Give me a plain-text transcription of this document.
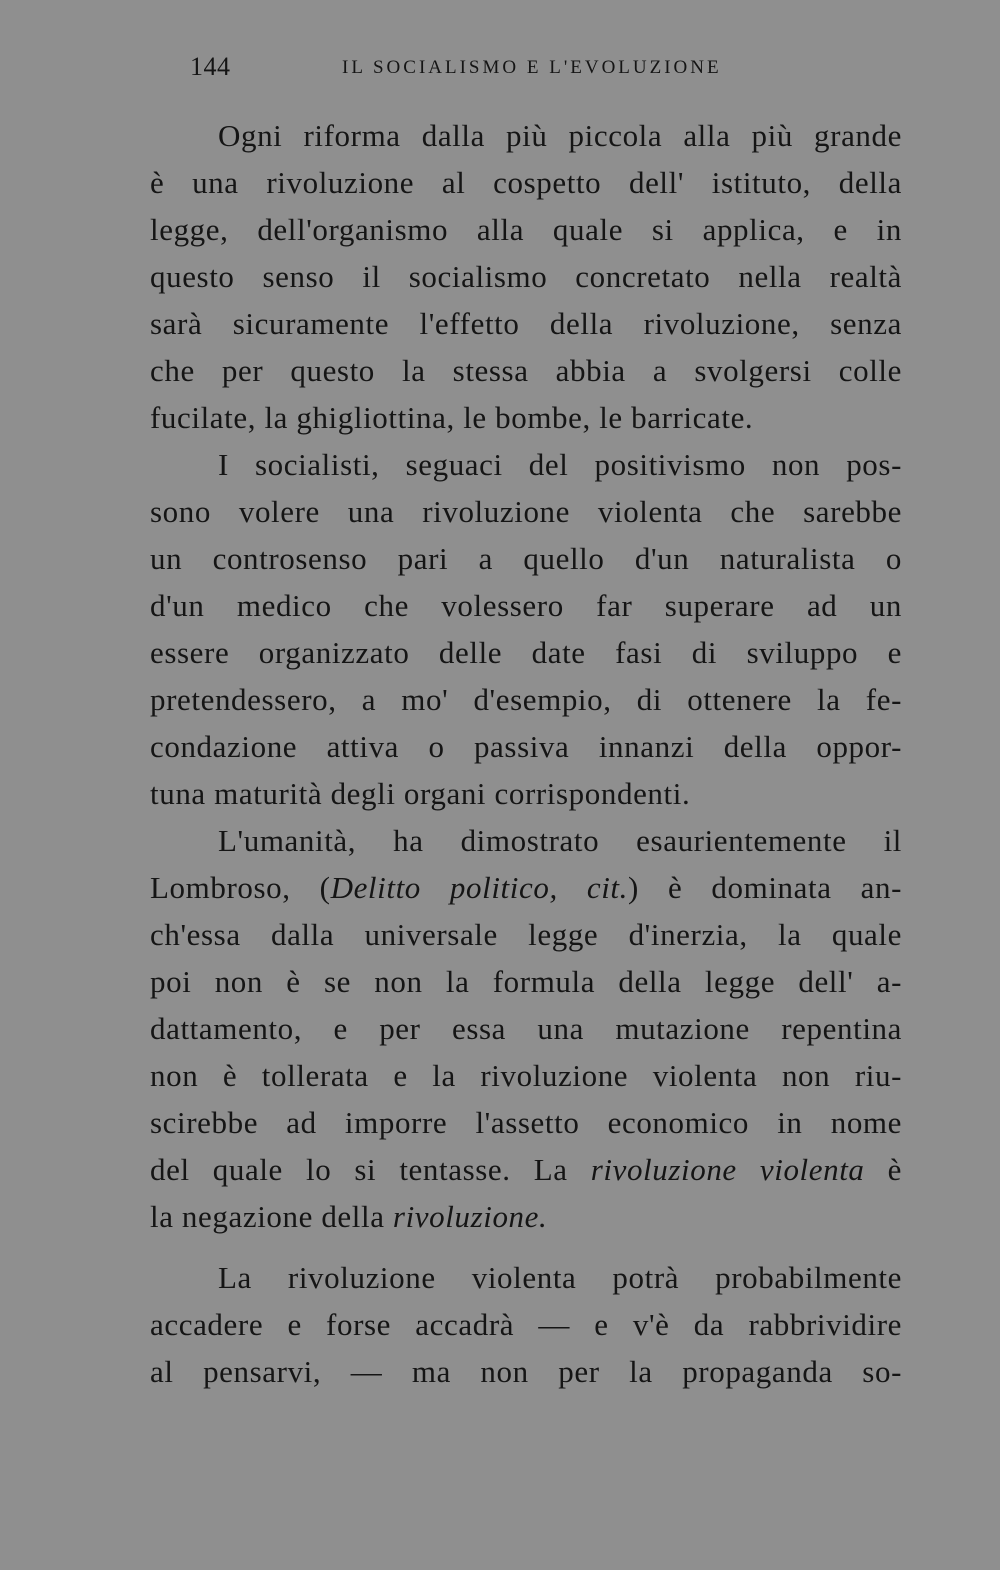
144	IL SOCIALISMO E L'EVOLUZIONE
Ogni riforma dalla più piccola alla più grande
è una rivoluzione al cospetto dell' istituto, della
legge, dell'organismo alla quale si applica, e in
questo senso il socialismo concretato nella realtà
sarà sicuramente l'effetto della rivoluzione, senza
che per questo la stessa abbia a svolgersi colle
fucilate, la ghigliottina, le bombe, le barricate.
I socialisti, seguaci del positivismo non pos-
sono volere una rivoluzione violenta che sarebbe
un controsenso pari a quello d'un naturalista o
d'un medico che volessero far superare ad un
essere organizzato delle date fasi di sviluppo e
pretendessero, a mo' d'esempio, di ottenere la fe-
condazione attiva o passiva innanzi della oppor-
tuna maturità degli organi corrispondenti.
L'umanità, ha dimostrato esaurientemente il
Lombroso, (Delitto politico, cit.) è dominata an-
ch'essa dalla universale legge d'inerzia, la quale
poi non è se non la formula della legge dell' a-
dattamento, e per essa una mutazione repentina
non è tollerata e la rivoluzione violenta non riu-
scirebbe ad imporre l'assetto economico in nome
del quale lo si tentasse. La rivoluzione violenta è
la negazione della rivoluzione.
La rivoluzione violenta potrà probabilmente
accadere e forse accadrà — e v'è da rabbrividire
al pensarvi, — ma non per la propaganda so-
